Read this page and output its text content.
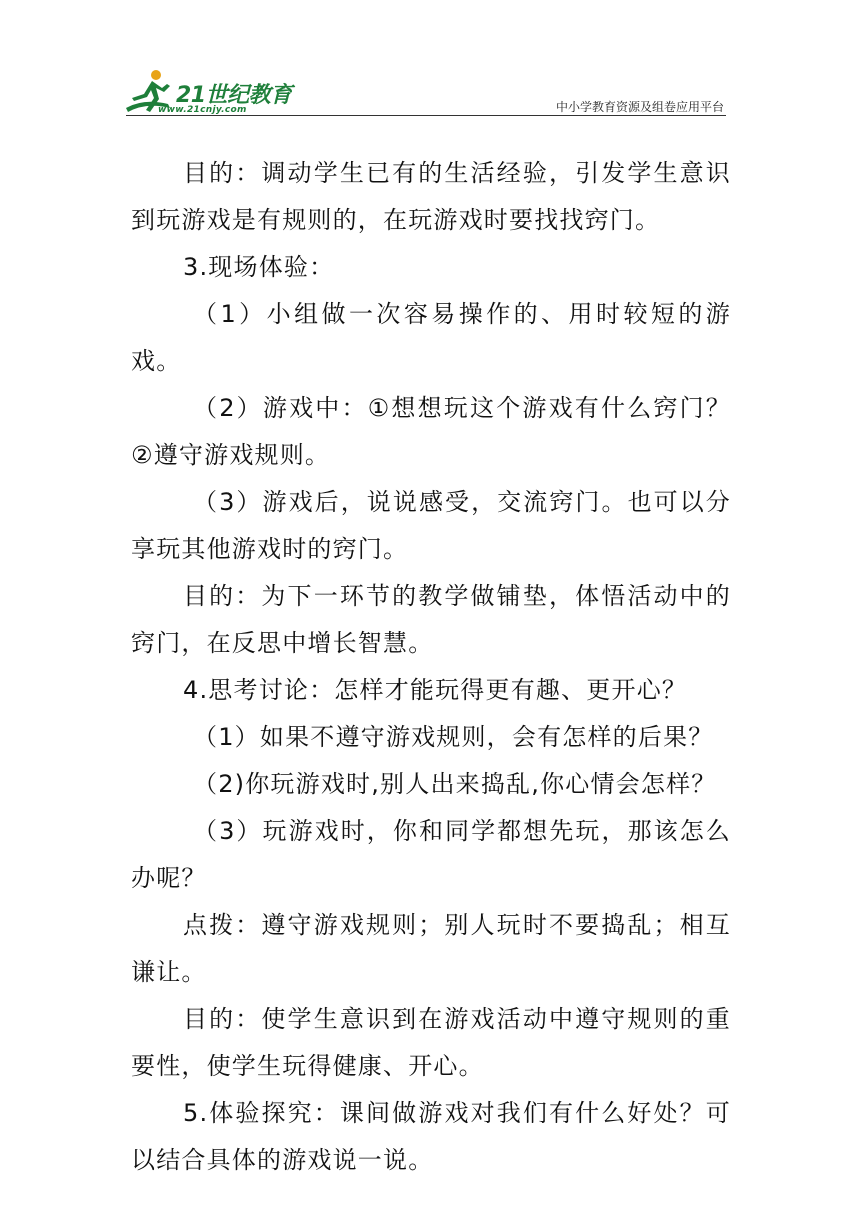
21世纪教育
www.21cnjy.com	中小学教育资源及组卷应用平台

目的：调动学生已有的生活经验，引发学生意识到玩游戏是有规则的，在玩游戏时要找找窍门。

3.现场体验：

（1）小组做一次容易操作的、用时较短的游戏。

（2）游戏中：①想想玩这个游戏有什么窍门？②遵守游戏规则。

（3）游戏后，说说感受，交流窍门。也可以分享玩其他游戏时的窍门。

目的：为下一环节的教学做铺垫，体悟活动中的窍门，在反思中增长智慧。

4.思考讨论：怎样才能玩得更有趣、更开心？

（1）如果不遵守游戏规则，会有怎样的后果？

（2)你玩游戏时,别人出来捣乱,你心情会怎样？

（3）玩游戏时，你和同学都想先玩，那该怎么办呢？

点拨：遵守游戏规则；别人玩时不要捣乱；相互谦让。

目的：使学生意识到在游戏活动中遵守规则的重要性，使学生玩得健康、开心。

5.体验探究：课间做游戏对我们有什么好处？可以结合具体的游戏说一说。
